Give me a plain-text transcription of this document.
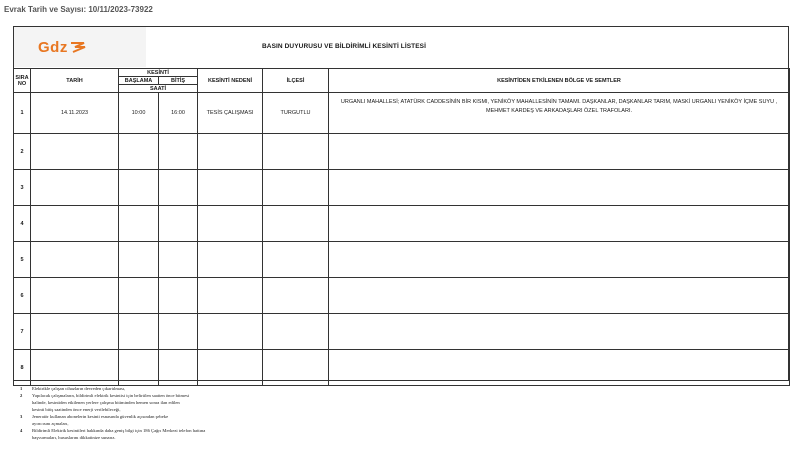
Evrak Tarih ve Sayısı: 10/11/2023-73922
Gdz	BASIN DUYURUSU VE BİLDİRİMLİ KESİNTİ LİSTESİ
SIRA NO	TARİH	KESİNTİ		KESİNTİ NEDENİ	İLÇESİ	KESİNTİDEN ETKİLENEN BÖLGE VE SEMTLER
		BAŞLAMA	BİTİŞ			
		SAATİ				
1	14.11.2023	10:00	16:00	TESİS ÇALIŞMASI	TURGUTLU	URGANLI MAHALLESİ; ATATÜRK CADDESİNİN BİR KISMI, YENİKÖY MAHALLESİNİN TAMAMI. DAŞKANLAR, DAŞKANLAR TARIM, MASKİ URGANLI YENİKÖY İÇME SUYU , MEHMET KARDEŞ VE ARKADAŞLARI ÖZEL TRAFOLARI.
2						
3						
4						
5						
6						
7						
8						
1	Elektrikle çalışan cihazların devreden çıkartılması,
2	Yapılacak çalışmaların, bildirimli elektrik kesintisi için belirtilen saatten önce bitmesi
halinde, kesintiden etkilenen yerlere çalışma bitiminden hemen sonra ilan edilen
kesinti bitiş saatinden önce enerji verilebileceği,
3	Jeneratör kullanan abonelerin kesinti esnasında güvenlik açısından şebeke
ayırıcısını açmaları,
4	Bildirimli Elektrik kesintileri hakkında daha geniş bilgi için 186 Çağrı Merkezi telefon hattına
başvurmaları, hususlarını dikkatinize sunarız.
